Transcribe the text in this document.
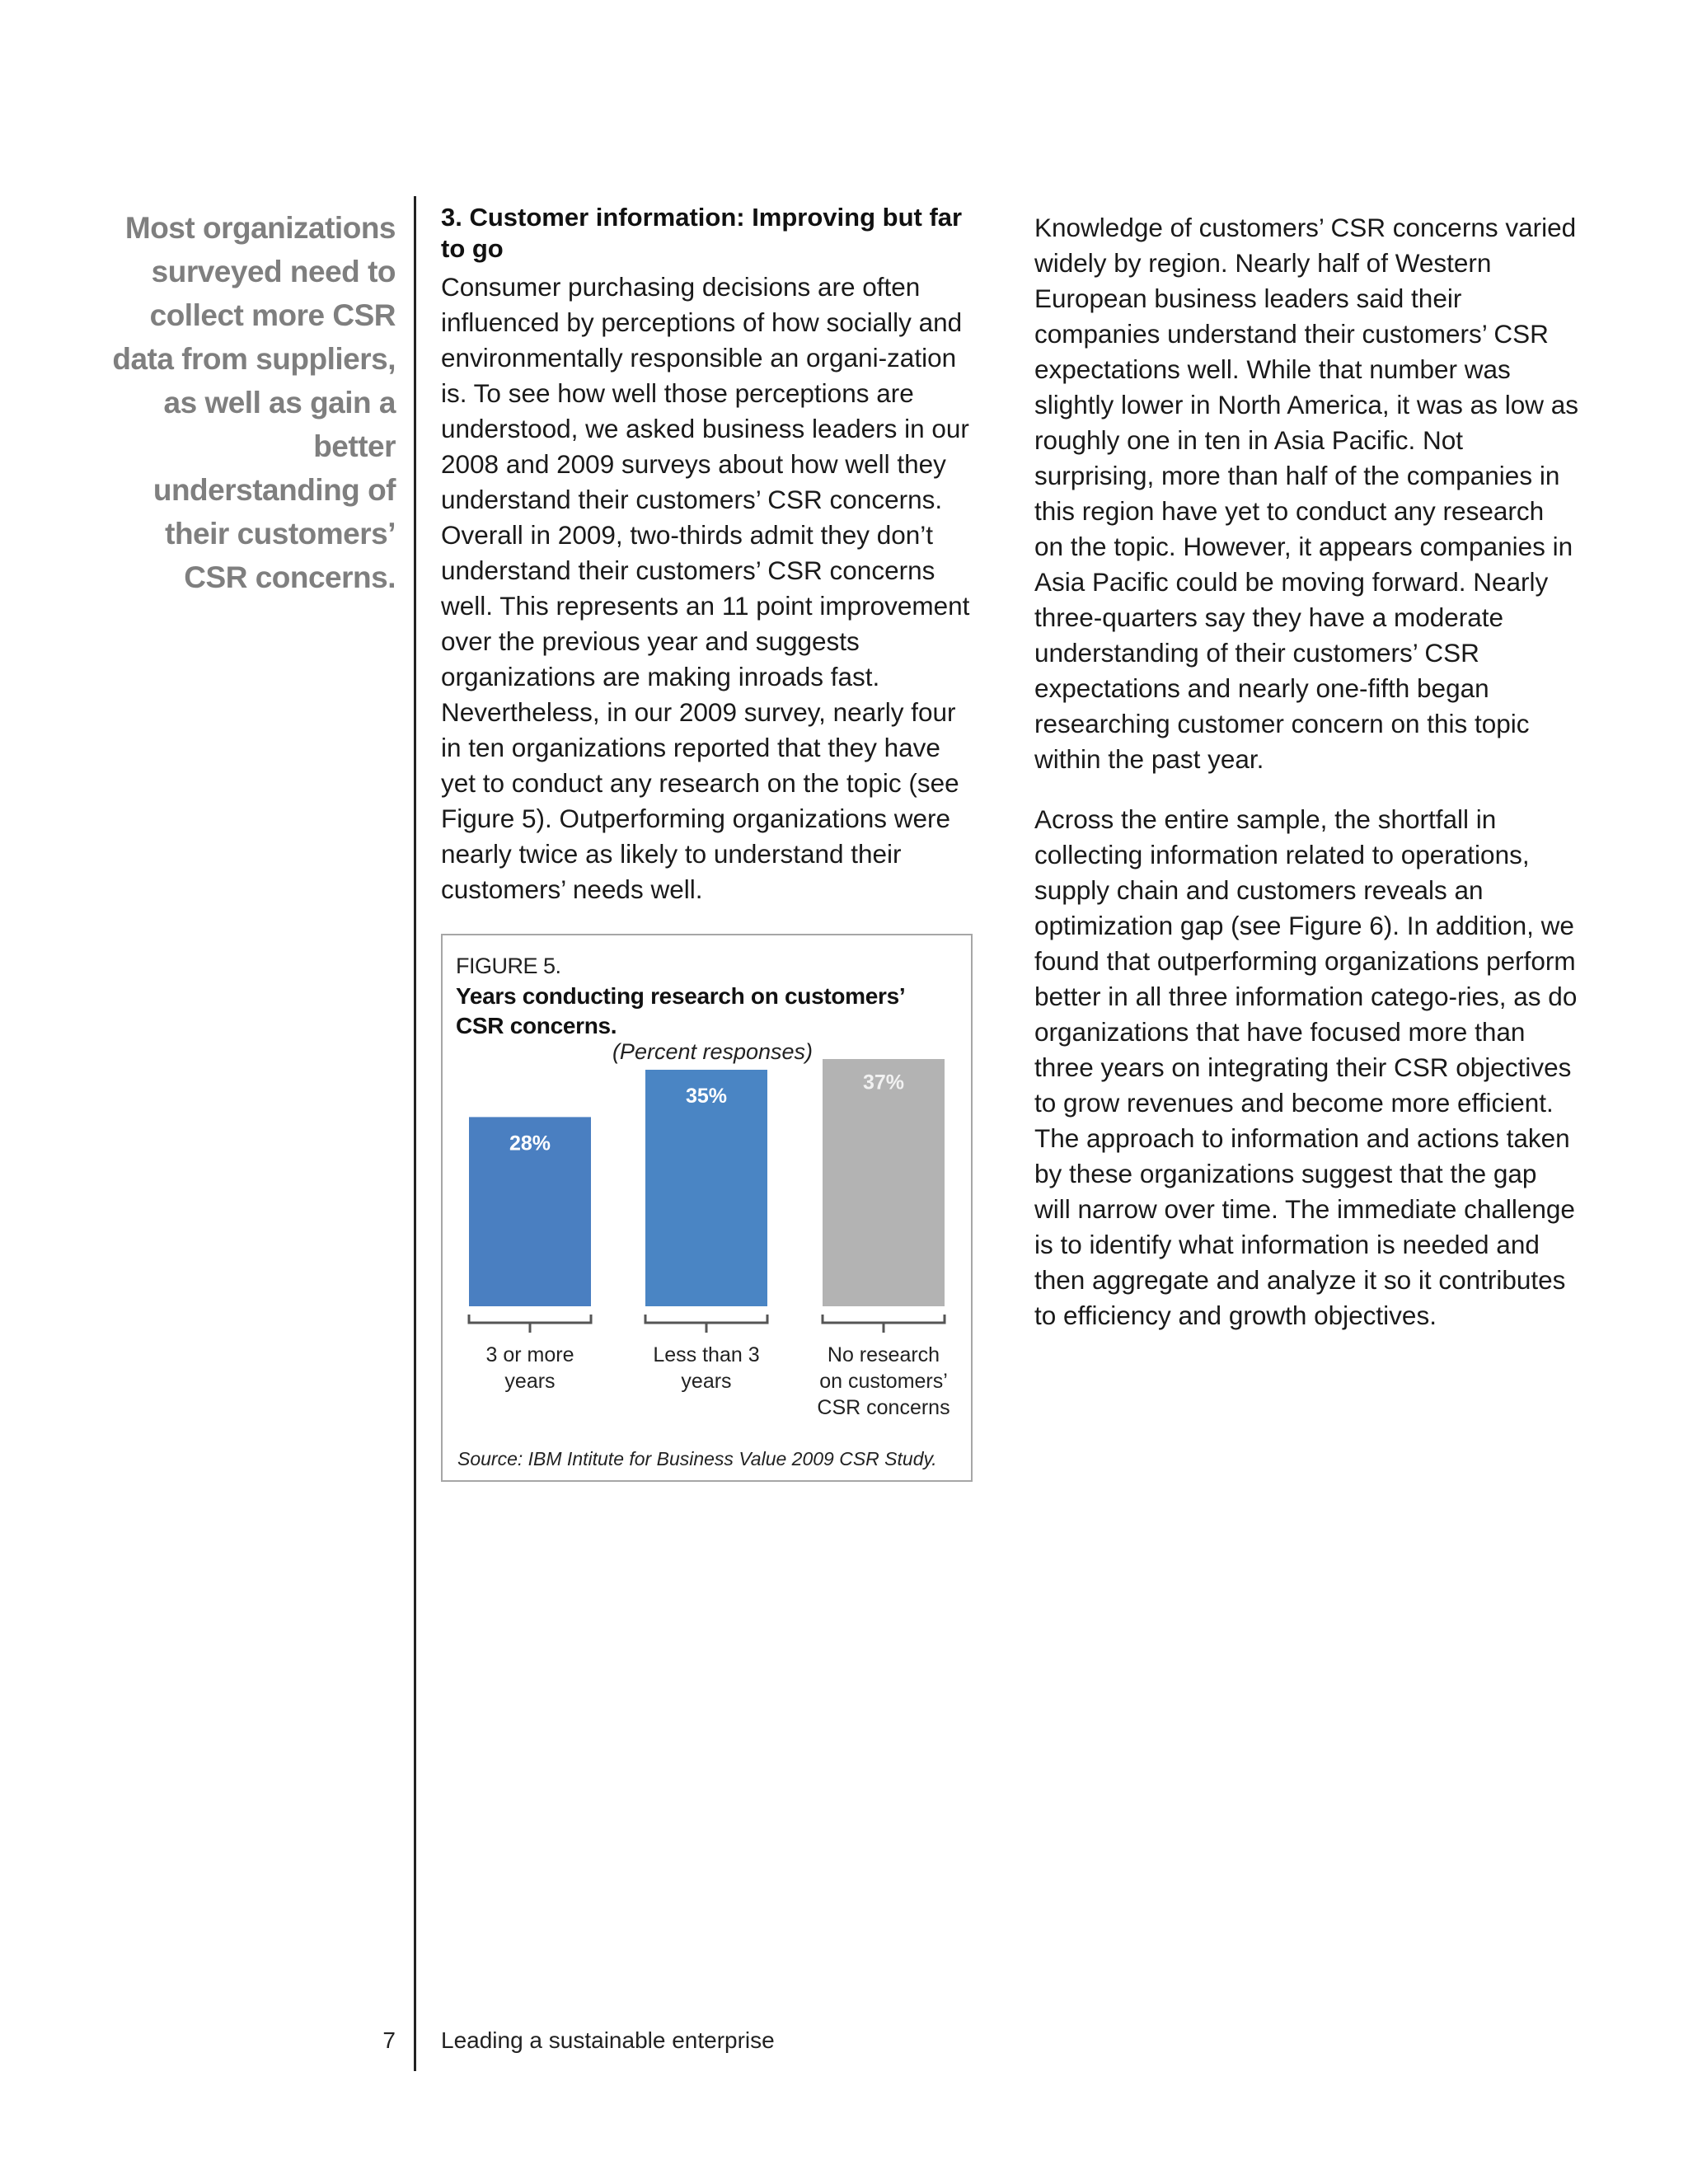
Most organizations surveyed need to collect more CSR data from suppliers, as well as gain a better understanding of their customers’ CSR concerns.
3. Customer information: Improving but far to go

Consumer purchasing decisions are often influenced by perceptions of how socially and environmentally responsible an organi-zation is. To see how well those perceptions are understood, we asked business leaders in our 2008 and 2009 surveys about how well they understand their customers’ CSR concerns. Overall in 2009, two-thirds admit they don’t understand their customers’ CSR concerns well. This represents an 11 point improvement over the previous year and suggests organizations are making inroads fast. Nevertheless, in our 2009 survey, nearly four in ten organizations reported that they have yet to conduct any research on the topic (see Figure 5). Outperforming organizations were nearly twice as likely to understand their customers’ needs well.

FIGURE 5.
Years conducting research on customers’ CSR concerns.
(Percent responses)
28%
3 or more years
35%
Less than 3 years
37%
No research on customers’ CSR concerns
Source: IBM Intitute for Business Value 2009 CSR Study.

Knowledge of customers’ CSR concerns varied widely by region. Nearly half of Western European business leaders said their companies understand their customers’ CSR expectations well. While that number was slightly lower in North America, it was as low as roughly one in ten in Asia Pacific. Not surprising, more than half of the companies in this region have yet to conduct any research on the topic. However, it appears companies in Asia Pacific could be moving forward. Nearly three-quarters say they have a moderate understanding of their customers’ CSR expectations and nearly one-fifth began researching customer concern on this topic within the past year.

Across the entire sample, the shortfall in collecting information related to operations, supply chain and customers reveals an optimization gap (see Figure 6). In addition, we found that outperforming organizations perform better in all three information catego-ries, as do organizations that have focused more than three years on integrating their CSR objectives to grow revenues and become more efficient. The approach to information and actions taken by these organizations suggest that the gap will narrow over time. The immediate challenge is to identify what information is needed and then aggregate and analyze it so it contributes to efficiency and growth objectives.

7 Leading a sustainable enterprise
